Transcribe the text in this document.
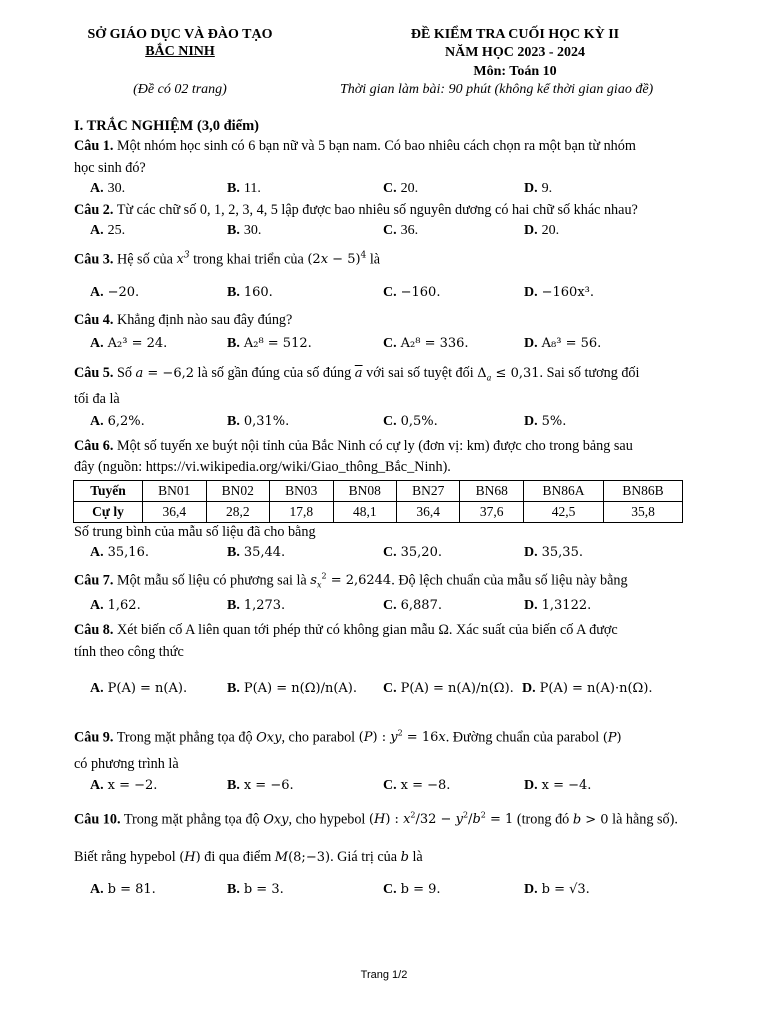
SỞ GIÁO DỤC VÀ ĐÀO TẠO
BẮC NINH
(Đề có 02 trang)
ĐỀ KIỂM TRA CUỐI HỌC KỲ II
NĂM HỌC 2023 - 2024
Môn: Toán 10
Thời gian làm bài: 90 phút (không kể thời gian giao đề)
I. TRẮC NGHIỆM (3,0 điểm)
Câu 1. Một nhóm học sinh có 6 bạn nữ và 5 bạn nam. Có bao nhiêu cách chọn ra một bạn từ nhóm
học sinh đó?
A. 30.	B. 11.	C. 20.	D. 9.
Câu 2. Từ các chữ số 0, 1, 2, 3, 4, 5 lập được bao nhiêu số nguyên dương có hai chữ số khác nhau?
A. 25.	B. 30.	C. 36.	D. 20.
Câu 3. Hệ số của $x^3$ trong khai triển của $(2x - 5)^4$ là
A. −20.	B. 160.	C. −160.	D. −160x³.
Câu 4. Khẳng định nào sau đây đúng?
A. A₂³ = 24.	B. A₂⁸ = 512.	C. A₂⁸ = 336.	D. A₈³ = 56.
Câu 5. Số a = −6,2 là số gần đúng của số đúng $\overline{a}$ với sai số tuyệt đối $\Delta_a \le 0,31$. Sai số tương đối
tối đa là
A. 6,2%.	B. 0,31%.	C. 0,5%.	D. 5%.
Câu 6. Một số tuyến xe buýt nội tỉnh của Bắc Ninh có cự ly (đơn vị: km) được cho trong bảng sau
đây (nguồn: https://vi.wikipedia.org/wiki/Giao_thông_Bắc_Ninh).
Tuyến	BN01	BN02	BN03	BN08	BN27	BN68	BN86A	BN86B
Cự ly	36,4	28,2	17,8	48,1	36,4	37,6	42,5	35,8
Số trung bình của mẫu số liệu đã cho bằng
A. 35,16.	B. 35,44.	C. 35,20.	D. 35,35.
Câu 7. Một mẫu số liệu có phương sai là $s_x^2 = 2,6244$. Độ lệch chuẩn của mẫu số liệu này bằng
A. 1,62.	B. 1,273.	C. 6,887.	D. 1,3122.
Câu 8. Xét biến cố A liên quan tới phép thử có không gian mẫu Ω. Xác suất của biến cố A được
tính theo công thức
A. P(A) = n(A).	B. P(A) = n(Ω)/n(A). C. P(A) = n(A)/n(Ω). D. P(A) = n(A)·n(Ω).
Câu 9. Trong mặt phẳng tọa độ Oxy, cho parabol (P) : $y^2 = 16x$. Đường chuẩn của parabol (P)
có phương trình là
A. x = −2.	B. x = −6.	C. x = −8.	D. x = −4.
Câu 10. Trong mặt phẳng tọa độ Oxy, cho hypebol (H) : $x^2/32 - y^2/b^2 = 1$ (trong đó b > 0 là hằng số).
Biết rằng hypebol (H) đi qua điểm M(8;−3). Giá trị của b là
A. b = 81.	B. b = 3.	C. b = 9.	D. b = √3.
Trang 1/2
